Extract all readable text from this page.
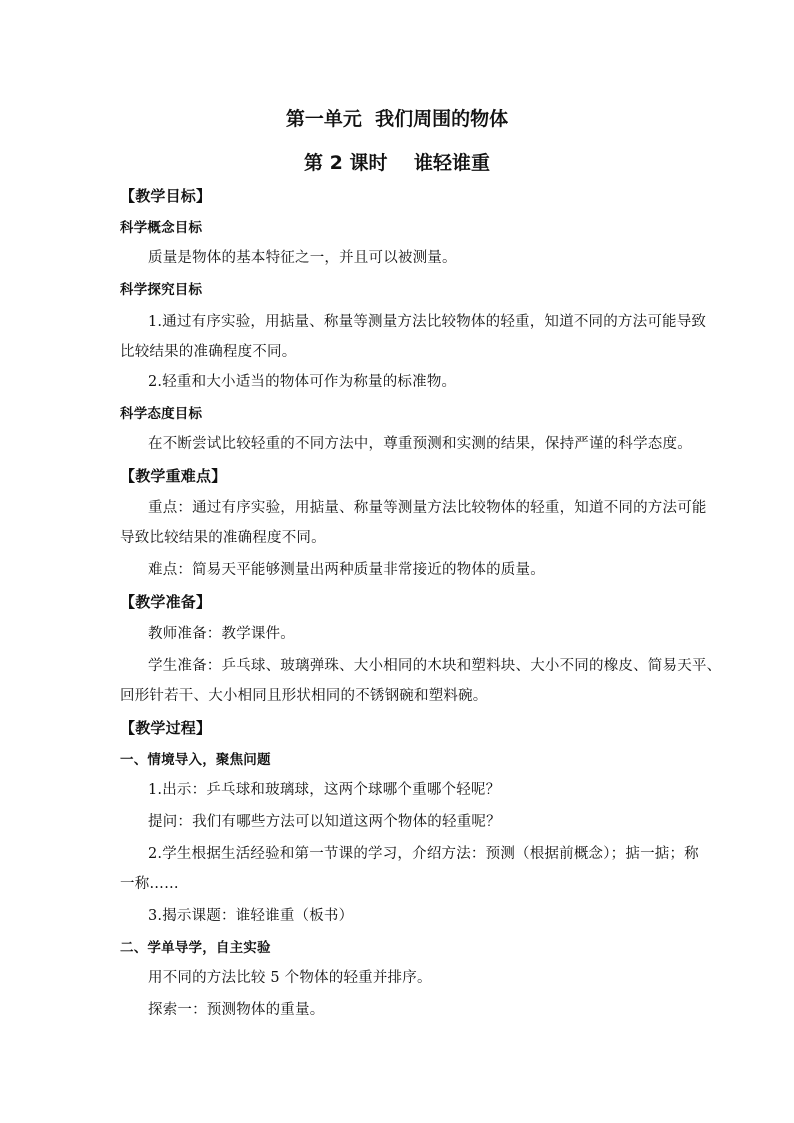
第一单元  我们周围的物体
第 2 课时    谁轻谁重
【教学目标】
科学概念目标
质量是物体的基本特征之一，并且可以被测量。
科学探究目标
1.通过有序实验，用掂量、称量等测量方法比较物体的轻重，知道不同的方法可能导致
比较结果的准确程度不同。
2.轻重和大小适当的物体可作为称量的标准物。
科学态度目标
在不断尝试比较轻重的不同方法中，尊重预测和实测的结果，保持严谨的科学态度。
【教学重难点】
重点：通过有序实验，用掂量、称量等测量方法比较物体的轻重，知道不同的方法可能
导致比较结果的准确程度不同。
难点：简易天平能够测量出两种质量非常接近的物体的质量。
【教学准备】
教师准备：教学课件。
学生准备：乒乓球、玻璃弹珠、大小相同的木块和塑料块、大小不同的橡皮、简易天平、
回形针若干、大小相同且形状相同的不锈钢碗和塑料碗。
【教学过程】
一、情境导入，聚焦问题
1.出示：乒乓球和玻璃球，这两个球哪个重哪个轻呢？
提问：我们有哪些方法可以知道这两个物体的轻重呢？
2.学生根据生活经验和第一节课的学习，介绍方法：预测（根据前概念）；掂一掂；称
一称……
3.揭示课题：谁轻谁重（板书）
二、学单导学，自主实验
用不同的方法比较 5 个物体的轻重并排序。
探索一：预测物体的重量。
